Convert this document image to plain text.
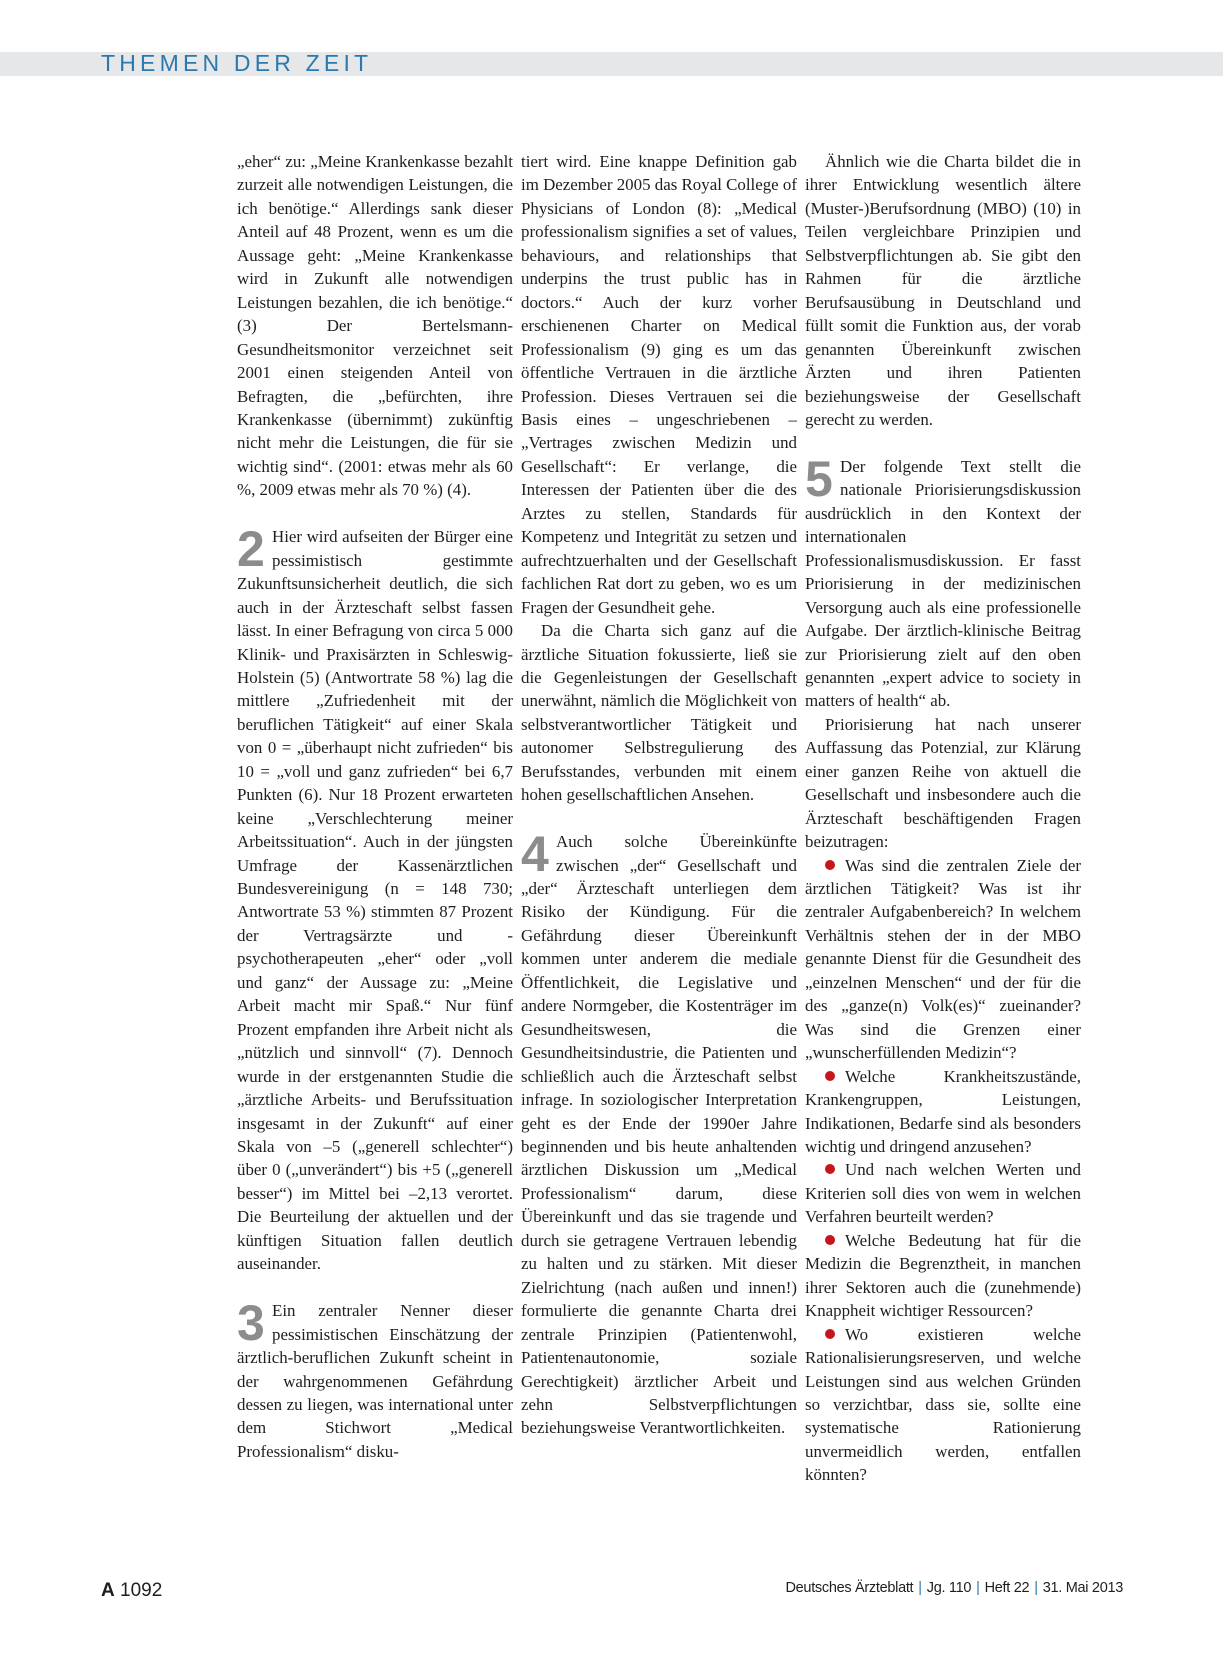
THEMEN DER ZEIT

„eher“ zu: „Meine Krankenkasse bezahlt zurzeit alle notwendigen Leistungen, die ich benötige.“ Allerdings sank dieser Anteil auf 48 Prozent, wenn es um die Aussage geht: „Meine Krankenkasse wird in Zukunft alle notwendigen Leistungen bezahlen, die ich benötige.“ (3) Der Bertelsmann-Gesundheitsmonitor verzeichnet seit 2001 einen steigenden Anteil von Befragten, die „befürchten, ihre Krankenkasse (übernimmt) zukünftig nicht mehr die Leistungen, die für sie wichtig sind“. (2001: etwas mehr als 60 %, 2009 etwas mehr als 70 %) (4).

2 Hier wird aufseiten der Bürger eine pessimistisch gestimmte Zukunftsunsicherheit deutlich, die sich auch in der Ärzteschaft selbst fassen lässt. In einer Befragung von circa 5 000 Klinik- und Praxisärzten in Schleswig-Holstein (5) (Antwortrate 58 %) lag die mittlere „Zufriedenheit mit der beruflichen Tätigkeit“ auf einer Skala von 0 = „überhaupt nicht zufrieden“ bis 10 = „voll und ganz zufrieden“ bei 6,7 Punkten (6). Nur 18 Prozent erwarteten keine „Verschlechterung meiner Arbeitssituation“. Auch in der jüngsten Umfrage der Kassenärztlichen Bundesvereinigung (n = 148 730; Antwortrate 53 %) stimmten 87 Prozent der Vertragsärzte und -psychotherapeuten „eher“ oder „voll und ganz“ der Aussage zu: „Meine Arbeit macht mir Spaß.“ Nur fünf Prozent empfanden ihre Arbeit nicht als „nützlich und sinnvoll“ (7). Dennoch wurde in der erstgenannten Studie die „ärztliche Arbeits- und Berufssituation insgesamt in der Zukunft“ auf einer Skala von –5 („generell schlechter“) über 0 („unverändert“) bis +5 („generell besser“) im Mittel bei –2,13 verortet. Die Beurteilung der aktuellen und der künftigen Situation fallen deutlich auseinander.

3 Ein zentraler Nenner dieser pessimistischen Einschätzung der ärztlich-beruflichen Zukunft scheint in der wahrgenommenen Gefährdung dessen zu liegen, was international unter dem Stichwort „Medical Professionalism“ disku-

tiert wird. Eine knappe Definition gab im Dezember 2005 das Royal College of Physicians of London (8): „Medical professionalism signifies a set of values, behaviours, and relationships that underpins the trust public has in doctors.“ Auch der kurz vorher erschienenen Charter on Medical Professionalism (9) ging es um das öffentliche Vertrauen in die ärztliche Profession. Dieses Vertrauen sei die Basis eines – ungeschriebenen – „Vertrages zwischen Medizin und Gesellschaft“: Er verlange, die Interessen der Patienten über die des Arztes zu stellen, Standards für Kompetenz und Integrität zu setzen und aufrechtzuerhalten und der Gesellschaft fachlichen Rat dort zu geben, wo es um Fragen der Gesundheit gehe.

Da die Charta sich ganz auf die ärztliche Situation fokussierte, ließ sie die Gegenleistungen der Gesellschaft unerwähnt, nämlich die Möglichkeit von selbstverantwortlicher Tätigkeit und autonomer Selbstregulierung des Berufsstandes, verbunden mit einem hohen gesellschaftlichen Ansehen.

4 Auch solche Übereinkünfte zwischen „der“ Gesellschaft und „der“ Ärzteschaft unterliegen dem Risiko der Kündigung. Für die Gefährdung dieser Übereinkunft kommen unter anderem die mediale Öffentlichkeit, die Legislative und andere Normgeber, die Kostenträger im Gesundheitswesen, die Gesundheitsindustrie, die Patienten und schließlich auch die Ärzteschaft selbst infrage. In soziologischer Interpretation geht es der Ende der 1990er Jahre beginnenden und bis heute anhaltenden ärztlichen Diskussion um „Medical Professionalism“ darum, diese Übereinkunft und das sie tragende und durch sie getragene Vertrauen lebendig zu halten und zu stärken. Mit dieser Zielrichtung (nach außen und innen!) formulierte die genannte Charta drei zentrale Prinzipien (Patientenwohl, Patientenautonomie, soziale Gerechtigkeit) ärztlicher Arbeit und zehn Selbstverpflichtungen beziehungsweise Verantwortlichkeiten.

Ähnlich wie die Charta bildet die in ihrer Entwicklung wesentlich ältere (Muster-)Berufsordnung (MBO) (10) in Teilen vergleichbare Prinzipien und Selbstverpflichtungen ab. Sie gibt den Rahmen für die ärztliche Berufsausübung in Deutschland und füllt somit die Funktion aus, der vorab genannten Übereinkunft zwischen Ärzten und ihren Patienten beziehungsweise der Gesellschaft gerecht zu werden.

5 Der folgende Text stellt die nationale Priorisierungsdiskussion ausdrücklich in den Kontext der internationalen Professionalismusdiskussion. Er fasst Priorisierung in der medizinischen Versorgung auch als eine professionelle Aufgabe. Der ärztlich-klinische Beitrag zur Priorisierung zielt auf den oben genannten „expert advice to society in matters of health“ ab.

Priorisierung hat nach unserer Auffassung das Potenzial, zur Klärung einer ganzen Reihe von aktuell die Gesellschaft und insbesondere auch die Ärzteschaft beschäftigenden Fragen beizutragen:

Was sind die zentralen Ziele der ärztlichen Tätigkeit? Was ist ihr zentraler Aufgabenbereich? In welchem Verhältnis stehen der in der MBO genannte Dienst für die Gesundheit des „einzelnen Menschen“ und der für die des „ganze(n) Volk(es)“ zueinander? Was sind die Grenzen einer „wunscherfüllenden Medizin“?

Welche Krankheitszustände, Krankengruppen, Leistungen, Indikationen, Bedarfe sind als besonders wichtig und dringend anzusehen?

Und nach welchen Werten und Kriterien soll dies von wem in welchen Verfahren beurteilt werden?

Welche Bedeutung hat für die Medizin die Begrenztheit, in manchen ihrer Sektoren auch die (zunehmende) Knappheit wichtiger Ressourcen?

Wo existieren welche Rationalisierungsreserven, und welche Leistungen sind aus welchen Gründen so verzichtbar, dass sie, sollte eine systematische Rationierung unvermeidlich werden, entfallen könnten?

A 1092	Deutsches Ärzteblatt | Jg. 110 | Heft 22 | 31. Mai 2013
